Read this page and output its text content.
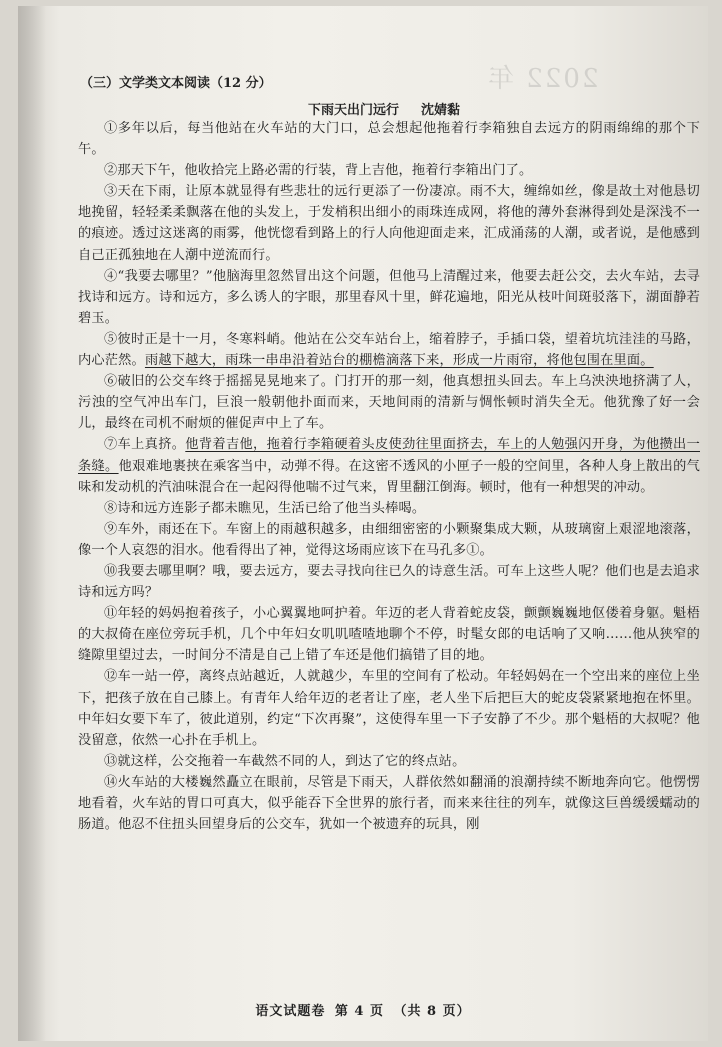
2022 年
（三）文学类文本阅读（12 分）
下雨天出门远行 沈婧黏

①多年以后，每当他站在火车站的大门口，总会想起他拖着行李箱独自去远方的阴雨绵绵的那个下午。

②那天下午，他收拾完上路必需的行装，背上吉他，拖着行李箱出门了。

③天在下雨，让原本就显得有些悲壮的远行更添了一份凄凉。雨不大，缠绵如丝，像是故土对他恳切地挽留，轻轻柔柔飘落在他的头发上，于发梢积出细小的雨珠连成网，将他的薄外套淋得到处是深浅不一的痕迹。透过这迷离的雨雾，他恍惚看到路上的行人向他迎面走来，汇成涌荡的人潮，或者说，是他感到自己正孤独地在人潮中逆流而行。

④“我要去哪里？”他脑海里忽然冒出这个问题，但他马上清醒过来，他要去赶公交，去火车站，去寻找诗和远方。诗和远方，多么诱人的字眼，那里春风十里，鲜花遍地，阳光从枝叶间斑驳落下，湖面静若碧玉。

⑤彼时正是十一月，冬寒料峭。他站在公交车站台上，缩着脖子，手插口袋，望着坑坑洼洼的马路，内心茫然。雨越下越大，雨珠一串串沿着站台的棚檐滴落下来，形成一片雨帘，将他包围在里面。

⑥破旧的公交车终于摇摇晃晃地来了。门打开的那一刻，他真想扭头回去。车上乌泱泱地挤满了人，污浊的空气冲出车门，巨浪一般朝他扑面而来，天地间雨的清新与惆怅顿时消失全无。他犹豫了好一会儿，最终在司机不耐烦的催促声中上了车。

⑦车上真挤。他背着吉他，拖着行李箱硬着头皮使劲往里面挤去，车上的人勉强闪开身，为他攒出一条缝。他艰难地裹挟在乘客当中，动弹不得。在这密不透风的小匣子一般的空间里，各种人身上散出的气味和发动机的汽油味混合在一起闷得他喘不过气来，胃里翻江倒海。顿时，他有一种想哭的冲动。

⑧诗和远方连影子都未瞧见，生活已给了他当头棒喝。

⑨车外，雨还在下。车窗上的雨越积越多，由细细密密的小颗聚集成大颗，从玻璃窗上艰涩地滚落，像一个人哀怨的泪水。他看得出了神，觉得这场雨应该下在马孔多①。

⑩我要去哪里啊？哦，要去远方，要去寻找向往已久的诗意生活。可车上这些人呢？他们也是去追求诗和远方吗？

⑪年轻的妈妈抱着孩子，小心翼翼地呵护着。年迈的老人背着蛇皮袋，颤颤巍巍地伛偻着身躯。魁梧的大叔倚在座位旁玩手机，几个中年妇女叽叽喳喳地聊个不停，时髦女郎的电话响了又响……他从狭窄的缝隙里望过去，一时间分不清是自己上错了车还是他们搞错了目的地。

⑫车一站一停，离终点站越近，人就越少，车里的空间有了松动。年轻妈妈在一个空出来的座位上坐下，把孩子放在自己膝上。有青年人给年迈的老者让了座，老人坐下后把巨大的蛇皮袋紧紧地抱在怀里。中年妇女要下车了，彼此道别，约定“下次再聚”，这使得车里一下子安静了不少。那个魁梧的大叔呢？他没留意，依然一心扑在手机上。

⑬就这样，公交拖着一车截然不同的人，到达了它的终点站。

⑭火车站的大楼巍然矗立在眼前，尽管是下雨天，人群依然如翻涌的浪潮持续不断地奔向它。他愣愣地看着，火车站的胃口可真大，似乎能吞下全世界的旅行者，而来来往往的列车，就像这巨兽缓缓蠕动的肠道。他忍不住扭头回望身后的公交车，犹如一个被遗弃的玩具，刚

语文试题卷 第 4 页 （共 8 页）
